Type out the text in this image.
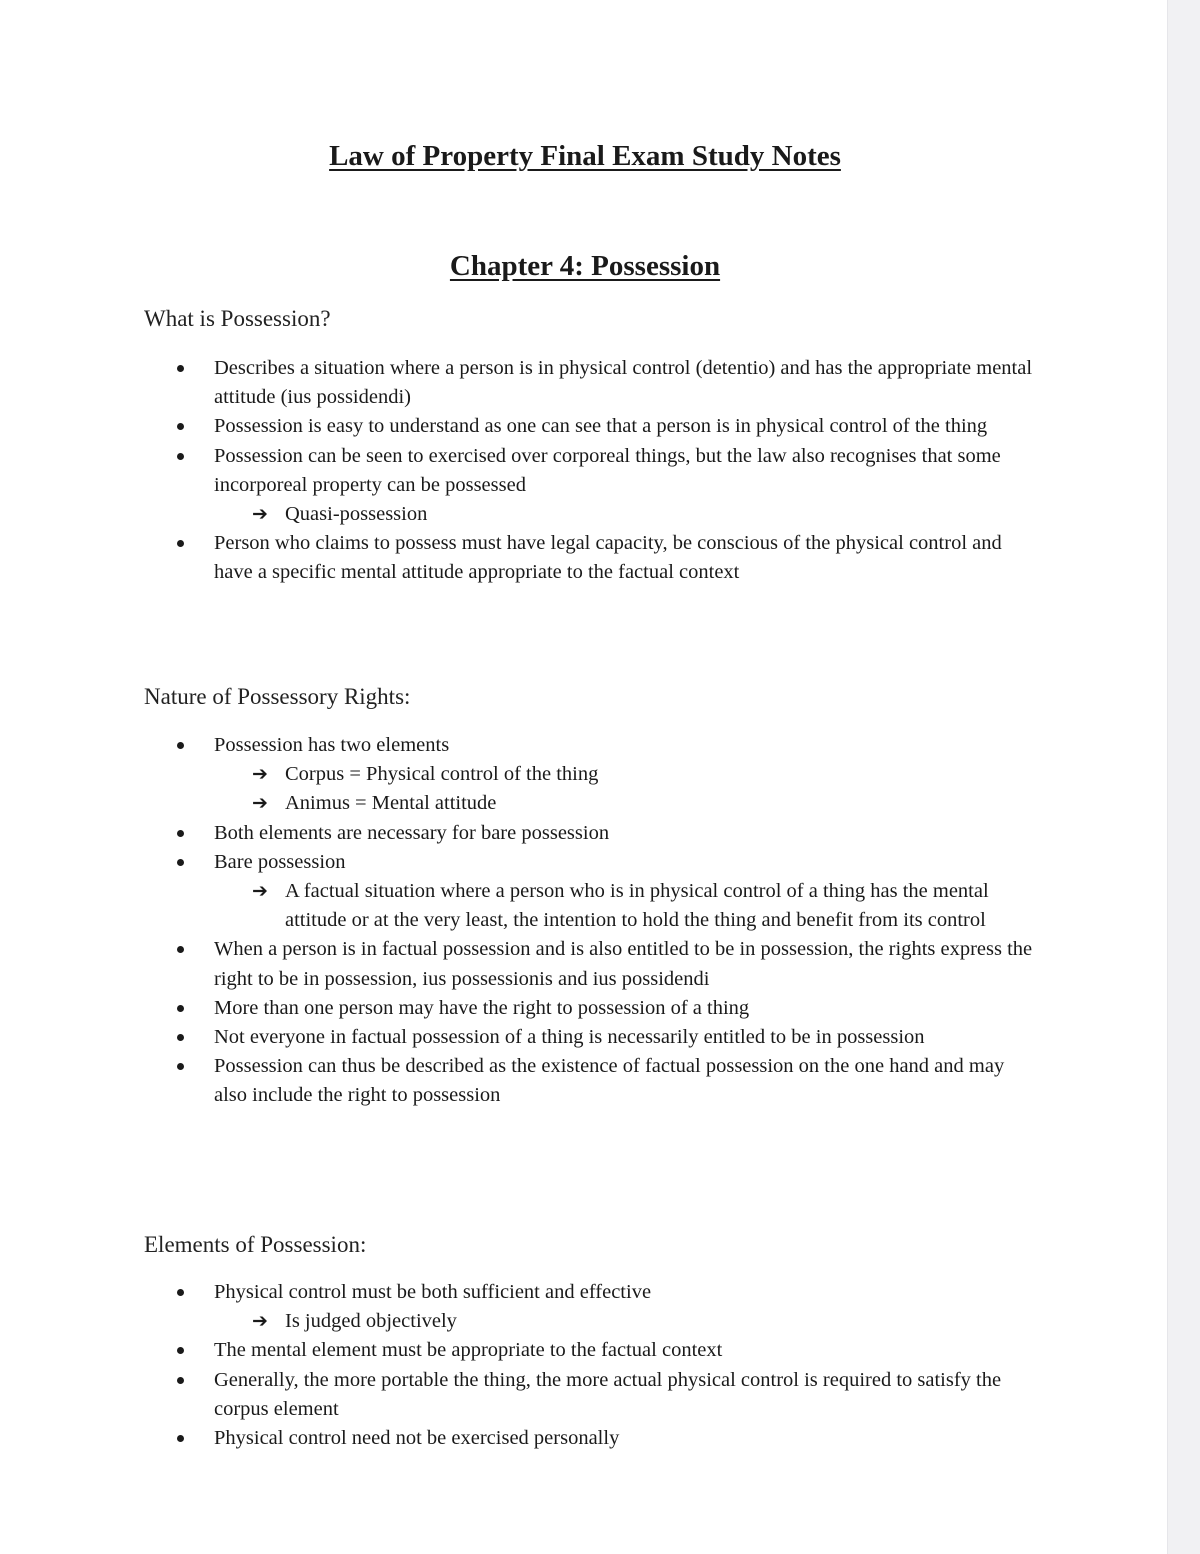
Law of Property Final Exam Study Notes
Chapter 4: Possession
What is Possession?
Describes a situation where a person is in physical control (detentio) and has the appropriate mental attitude (ius possidendi)
Possession is easy to understand as one can see that a person is in physical control of the thing
Possession can be seen to exercised over corporeal things, but the law also recognises that some incorporeal property can be possessed
➔ Quasi-possession
Person who claims to possess must have legal capacity, be conscious of the physical control and have a specific mental attitude appropriate to the factual context
Nature of Possessory Rights:
Possession has two elements
➔ Corpus = Physical control of the thing
➔ Animus = Mental attitude
Both elements are necessary for bare possession
Bare possession
➔ A factual situation where a person who is in physical control of a thing has the mental attitude or at the very least, the intention to hold the thing and benefit from its control
When a person is in factual possession and is also entitled to be in possession, the rights express the right to be in possession, ius possessionis and ius possidendi
More than one person may have the right to possession of a thing
Not everyone in factual possession of a thing is necessarily entitled to be in possession
Possession can thus be described as the existence of factual possession on the one hand and may also include the right to possession
Elements of Possession:
Physical control must be both sufficient and effective
➔ Is judged objectively
The mental element must be appropriate to the factual context
Generally, the more portable the thing, the more actual physical control is required to satisfy the corpus element
Physical control need not be exercised personally
